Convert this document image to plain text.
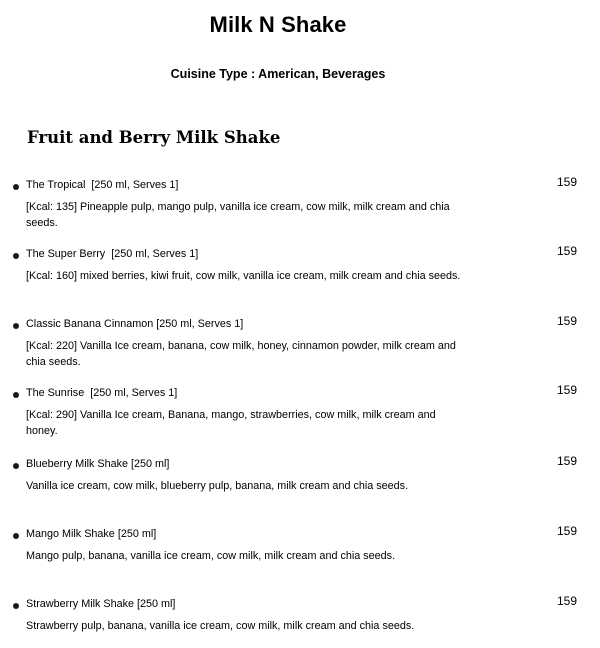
Milk N Shake
Cuisine Type : American, Beverages
Fruit and Berry Milk Shake
The Tropical  [250 ml, Serves 1]	159
[Kcal: 135] Pineapple pulp, mango pulp, vanilla ice cream, cow milk, milk cream and chia seeds.
The Super Berry  [250 ml, Serves 1]	159
[Kcal: 160] mixed berries, kiwi fruit, cow milk, vanilla ice cream, milk cream and chia seeds.
Classic Banana Cinnamon [250 ml, Serves 1]	159
[Kcal: 220] Vanilla Ice cream, banana, cow milk, honey, cinnamon powder, milk cream and chia seeds.
The Sunrise  [250 ml, Serves 1]	159
[Kcal: 290] Vanilla Ice cream, Banana, mango, strawberries, cow milk, milk cream and honey.
Blueberry Milk Shake [250 ml]	159
Vanilla ice cream, cow milk, blueberry pulp, banana, milk cream and chia seeds.
Mango Milk Shake [250 ml]	159
Mango pulp, banana, vanilla ice cream, cow milk, milk cream and chia seeds.
Strawberry Milk Shake [250 ml]	159
Strawberry pulp, banana, vanilla ice cream, cow milk, milk cream and chia seeds.
